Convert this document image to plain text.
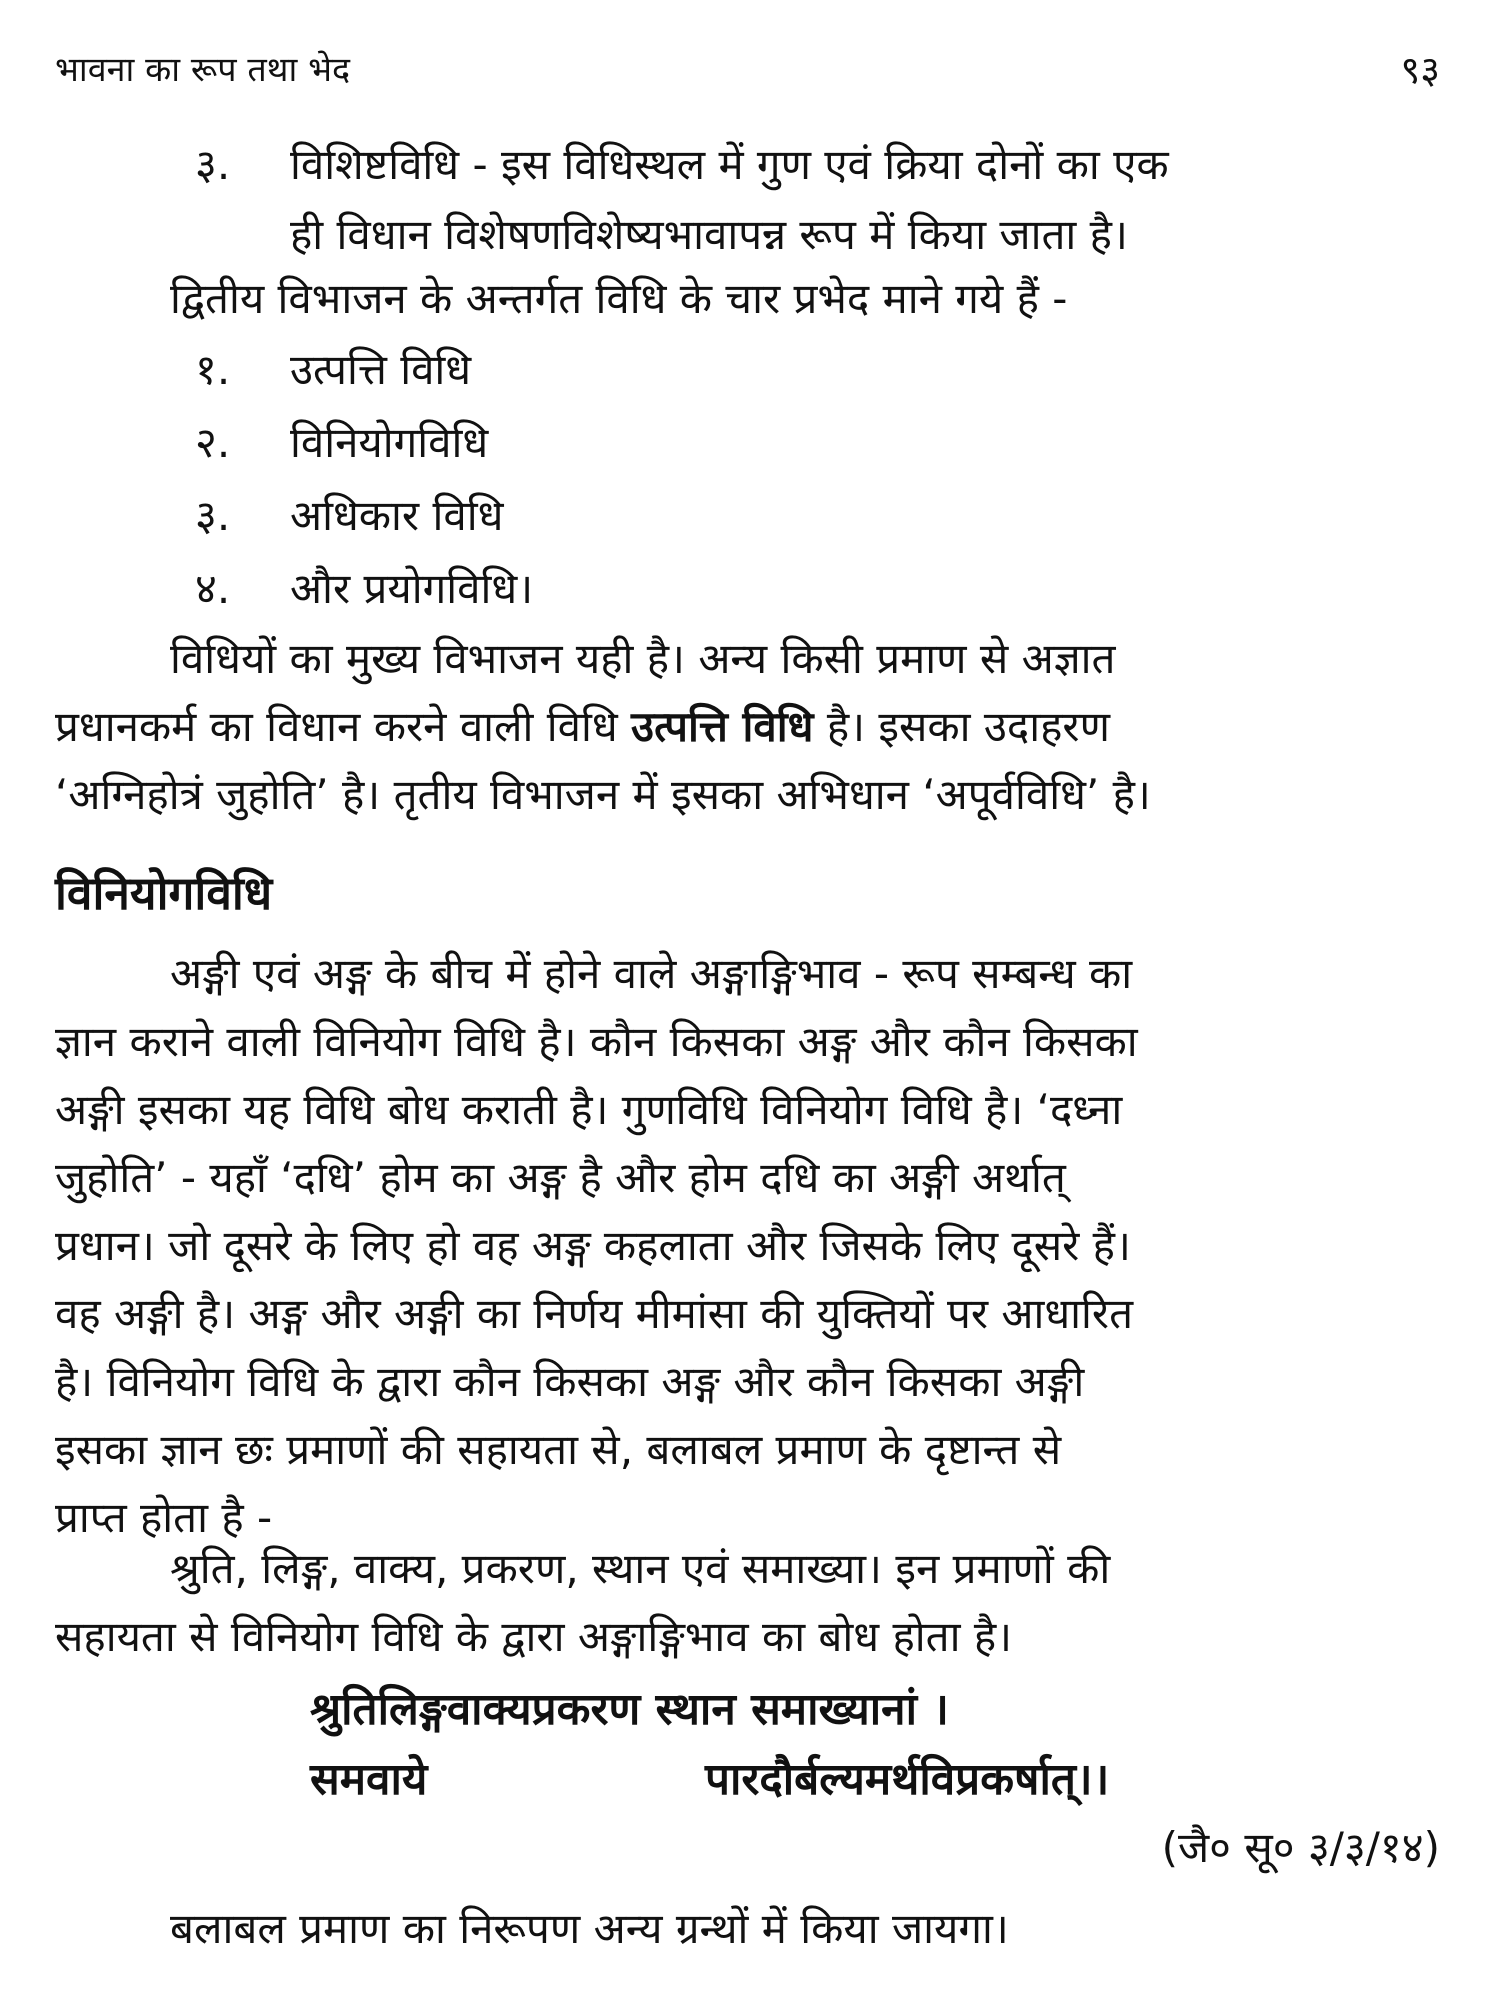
भावना का रूप तथा भेद	९३
३. विशिष्टविधि - इस विधिस्थल में गुण एवं क्रिया दोनों का एक
ही विधान विशेषणविशेष्यभावापन्न रूप में किया जाता है।

द्वितीय विभाजन के अन्तर्गत विधि के चार प्रभेद माने गये हैं -

१. उत्पत्ति विधि
२. विनियोगविधि
३. अधिकार विधि
४. और प्रयोगविधि।
विधियों का मुख्य विभाजन यही है। अन्य किसी प्रमाण से अज्ञात
प्रधानकर्म का विधान करने वाली विधि उत्पत्ति विधि है। इसका उदाहरण
‘अग्निहोत्रं जुहोति’ है। तृतीय विभाजन में इसका अभिधान ‘अपूर्वविधि’ है।
विनियोगविधि
अङ्गी एवं अङ्ग के बीच में होने वाले अङ्गाङ्गिभाव - रूप सम्बन्ध का
ज्ञान कराने वाली विनियोग विधि है। कौन किसका अङ्ग और कौन किसका
अङ्गी इसका यह विधि बोध कराती है। गुणविधि विनियोग विधि है। ‘दध्ना
जुहोति’ - यहाँ ‘दधि’ होम का अङ्ग है और होम दधि का अङ्गी अर्थात्
प्रधान। जो दूसरे के लिए हो वह अङ्ग कहलाता और जिसके लिए दूसरे हैं।
वह अङ्गी है। अङ्ग और अङ्गी का निर्णय मीमांसा की युक्तियों पर आधारित
है। विनियोग विधि के द्वारा कौन किसका अङ्ग और कौन किसका अङ्गी
इसका ज्ञान छः प्रमाणों की सहायता से, बलाबल प्रमाण के दृष्टान्त से
प्राप्त होता है -
श्रुति, लिङ्ग, वाक्य, प्रकरण, स्थान एवं समाख्या। इन प्रमाणों की
सहायता से विनियोग विधि के द्वारा अङ्गाङ्गिभाव का बोध होता है।
श्रुतिलिङ्गवाक्यप्रकरण स्थान समाख्यानां ।
समवाये	पारदौर्बल्यमर्थविप्रकर्षात्।।
(जै० सू० ३/३/१४)
बलाबल प्रमाण का निरूपण अन्य ग्रन्थों में किया जायगा।
